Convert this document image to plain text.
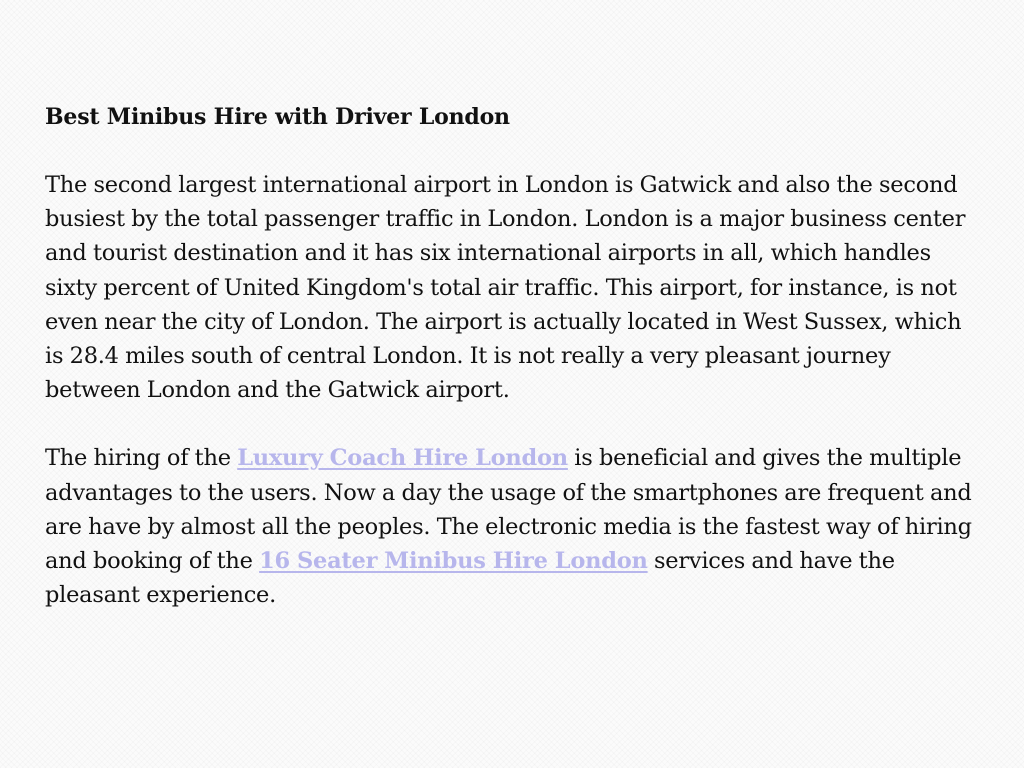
Best Minibus Hire with Driver London
The second largest international airport in London is Gatwick and also the second busiest by the total passenger traffic in London. London is a major business center and tourist destination and it has six international airports in all, which handles sixty percent of United Kingdom's total air traffic. This airport, for instance, is not even near the city of London. The airport is actually located in West Sussex, which is 28.4 miles south of central London. It is not really a very pleasant journey between London and the Gatwick airport.
The hiring of the Luxury Coach Hire London is beneficial and gives the multiple advantages to the users. Now a day the usage of the smartphones are frequent and are have by almost all the peoples. The electronic media is the fastest way of hiring and booking of the 16 Seater Minibus Hire London services and have the pleasant experience.
